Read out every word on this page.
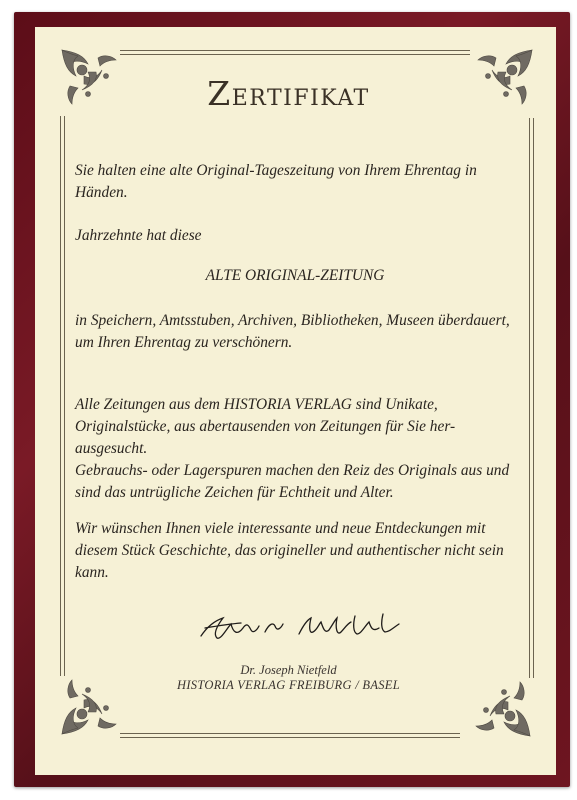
ZERTIFIKAT

Sie halten eine alte Original-Tageszeitung von Ihrem Ehrentag in Händen.

Jahrzehnte hat diese

ALTE ORIGINAL-ZEITUNG

in Speichern, Amtsstuben, Archiven, Bibliotheken, Museen überdauert, um Ihren Ehrentag zu verschönern.

Alle Zeitungen aus dem HISTORIA VERLAG sind Unikate, Originalstücke, aus abertausenden von Zeitungen für Sie her-ausgesucht.

Gebrauchs- oder Lagerspuren machen den Reiz des Originals aus und sind das untrügliche Zeichen für Echtheit und Alter.

Wir wünschen Ihnen viele interessante und neue Entdeckungen mit diesem Stück Geschichte, das origineller und authentischer nicht sein kann.

Dr. Joseph Nietfeld
HISTORIA VERLAG FREIBURG / BASEL
